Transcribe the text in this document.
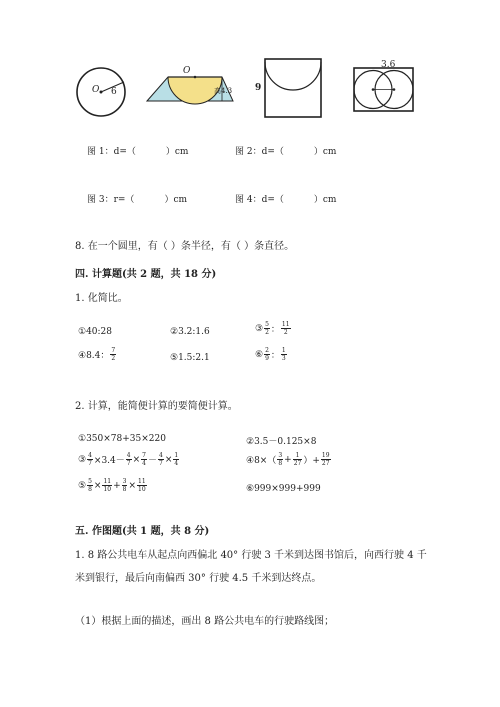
O 6
O
高4.3	9
3.6
图 1：d=（	）cm	图 2：d=（	）cm
图 3：r=（	）cm	图 4：d=（	）cm
8. 在一个圆里，有（ ）条半径，有（ ）条直径。
四. 计算题(共 2 题，共 18 分)
1. 化简比。
①40:28	②3.2:1.6	③ $\frac{5}{2}$ ： $\frac{11}{2}$
④8.4： $\frac{7}{2}$	⑤1.5:2.1	⑥ $\frac{2}{9}$ ： $\frac{1}{3}$
2. 计算，能简便计算的要简便计算。
①350×78+35×220	②3.5－0.125×8
③ $\frac{4}{7} \times 3.4- \frac{4}{7} \times \frac{7}{4} - \frac{4}{7} \times \frac{1}{4}$	④8×（ $\frac{3}{8} + \frac{1}{27}$ ）+ $\frac{19}{27}$
⑤ $\frac{5}{8} \times \frac{11}{10} + \frac{3}{8} \times \frac{11}{10}$	⑥999×999+999
五. 作图题(共 1 题，共 8 分)
1. 8 路公共电车从起点向西偏北 40° 行驶 3 千米到达图书馆后，向西行驶 4 千
米到银行，最后向南偏西 30° 行驶 4.5 千米到达终点。
（1）根据上面的描述，画出 8 路公共电车的行驶路线图；
